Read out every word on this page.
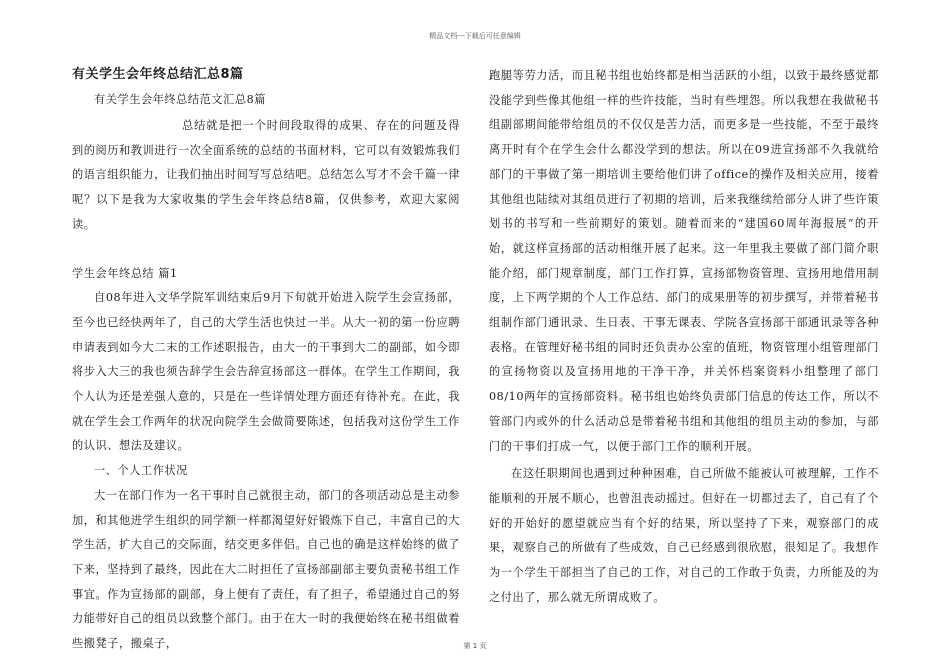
精品文档---下载后可任意编辑
有关学生会年终总结汇总8篇

有关学生会年终总结范文汇总8篇

总结就是把一个时间段取得的成果、存在的问题及得到的阅历和教训进行一次全面系统的总结的书面材料，它可以有效锻炼我们的语言组织能力，让我们抽出时间写写总结吧。总结怎么写才不会千篇一律呢？以下是我为大家收集的学生会年终总结8篇，仅供参考，欢迎大家阅读。

学生会年终总结 篇1

自08年进入文华学院军训结束后9月下旬就开始进入院学生会宣扬部，至今也已经快两年了，自己的大学生活也快过一半。从大一初的第一份应聘申请表到如今大二末的工作述职报告，由大一的干事到大二的副部，如今即将步入大三的我也须告辞学生会告辞宣扬部这一群体。在学生工作期间，我个人认为还是差强人意的，只是在一些详情处理方面还有待补充。在此，我就在学生会工作两年的状况向院学生会做简要陈述，包括我对这份学生工作的认识、想法及建议。

一、个人工作状况

大一在部门作为一名干事时自己就很主动，部门的各项活动总是主动参加，和其他进学生组织的同学额一样都渴望好好锻炼下自己，丰富自己的大学生活，扩大自己的交际面，结交更多伴侣。自己也的确是这样始终的做了下来，坚持到了最终，因此在大二时担任了宣扬部副部主要负责秘书组工作事宜。作为宣扬部的副部，身上便有了责任，有了担子，希望通过自己的努力能带好自己的组员以致整个部门。由于在大一时的我便始终在秘书组做着些搬凳子，搬桌子，

跑腿等劳力活，而且秘书组也始终都是相当活跃的小组，以致于最终感觉都没能学到些像其他组一样的些许技能，当时有些埋怨。所以我想在我做秘书组副部期间能带给组员的不仅仅是苦力活，而更多是一些技能，不至于最终离开时有个在学生会什么都没学到的想法。所以在09进宣扬部不久我就给部门的干事做了第一期培训主要给他们讲了office的操作及相关应用，接着其他组也陆续对其组员进行了初期的培训，后来我继续给部分人讲了些许策划书的书写和一些前期好的策划。随着而来的“建国60周年海报展”的开始，就这样宣扬部的活动相继开展了起来。这一年里我主要做了部门简介职能介绍，部门规章制度，部门工作打算，宣扬部物资管理、宣扬用地借用制度，上下两学期的个人工作总结、部门的成果册等的初步撰写，并带着秘书组制作部门通讯录、生日表、干事无课表、学院各宣扬部干部通讯录等各种表格。在管理好秘书组的同时还负责办公室的值班，物资管理小组管理部门的宣扬物资以及宣扬用地的干净干净，并关怀档案资料小组整理了部门08/10两年的宣扬部资料。秘书组也始终负责部门信息的传达工作，所以不管部门内或外的什么活动总是带着秘书组和其他组的组员主动的参加，与部门的干事们打成一气，以便于部门工作的顺利开展。

在这任职期间也遇到过种种困难，自己所做不能被认可被理解，工作不能顺利的开展不顺心，也曾沮丧动摇过。但好在一切都过去了，自己有了个好的开始好的愿望就应当有个好的结果，所以坚持了下来，观察部门的成果，观察自己的所做有了些成效，自己已经感到很欣慰，很知足了。我想作为一个学生干部担当了自己的工作，对自己的工作敢于负责，力所能及的为之付出了，那么就无所谓成败了。

第 1 页
